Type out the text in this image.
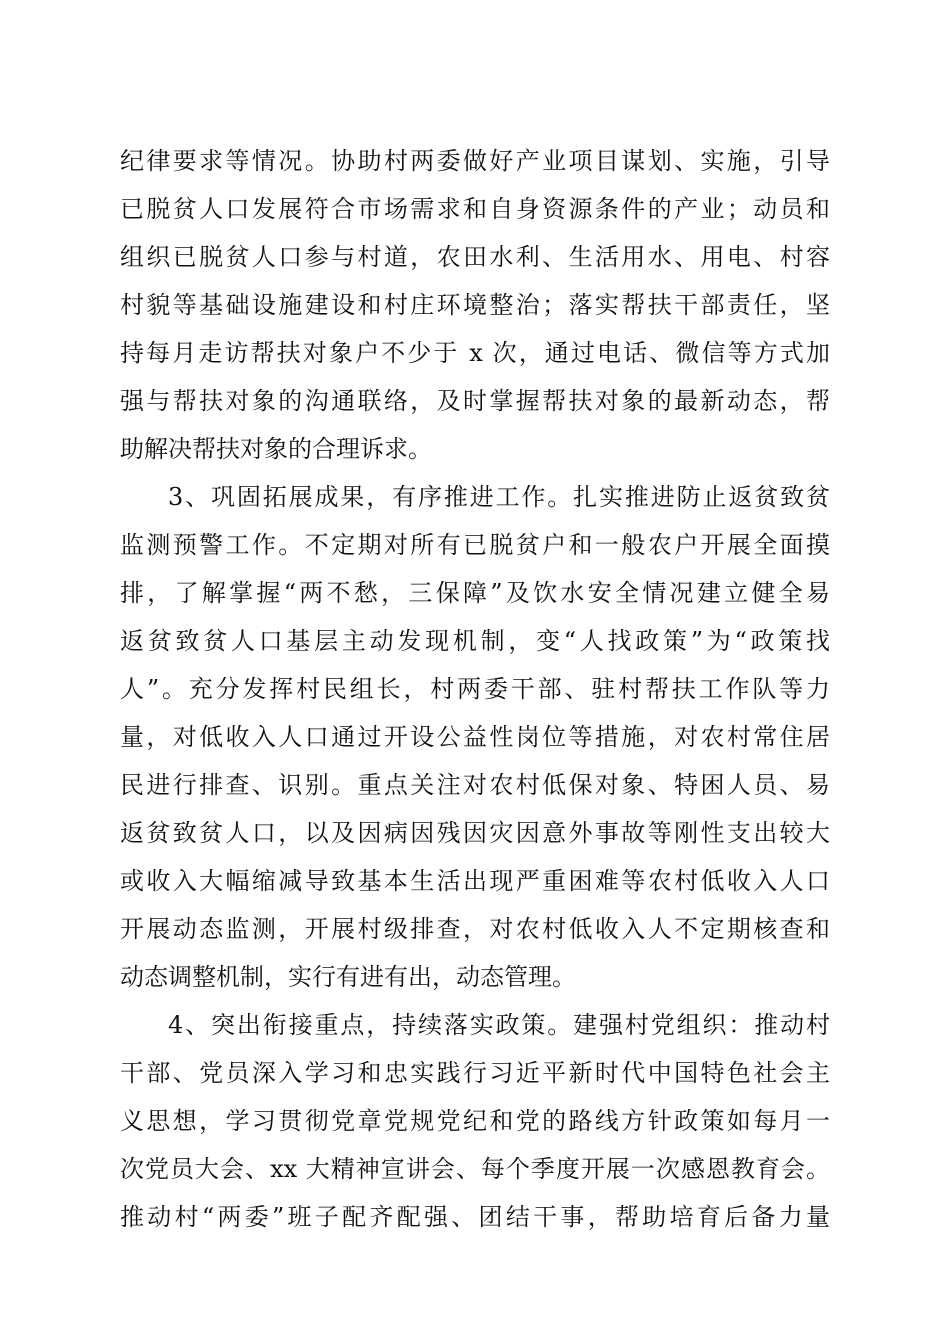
纪律要求等情况。协助村两委做好产业项目谋划、实施，引导
已脱贫人口发展符合市场需求和自身资源条件的产业；动员和
组织已脱贫人口参与村道，农田水利、生活用水、用电、村容
村貌等基础设施建设和村庄环境整治；落实帮扶干部责任，坚
持每月走访帮扶对象户不少于 x 次，通过电话、微信等方式加
强与帮扶对象的沟通联络，及时掌握帮扶对象的最新动态，帮
助解决帮扶对象的合理诉求。
3、巩固拓展成果，有序推进工作。扎实推进防止返贫致贫
监测预警工作。不定期对所有已脱贫户和一般农户开展全面摸
排，了解掌握“两不愁，三保障”及饮水安全情况建立健全易
返贫致贫人口基层主动发现机制，变“人找政策”为“政策找
人”。充分发挥村民组长，村两委干部、驻村帮扶工作队等力
量，对低收入人口通过开设公益性岗位等措施，对农村常住居
民进行排查、识别。重点关注对农村低保对象、特困人员、易
返贫致贫人口，以及因病因残因灾因意外事故等刚性支出较大
或收入大幅缩减导致基本生活出现严重困难等农村低收入人口
开展动态监测，开展村级排查，对农村低收入人不定期核查和
动态调整机制，实行有进有出，动态管理。
4、突出衔接重点，持续落实政策。建强村党组织：推动村
干部、党员深入学习和忠实践行习近平新时代中国特色社会主
义思想，学习贯彻党章党规党纪和党的路线方针政策如每月一
次党员大会、xx 大精神宣讲会、每个季度开展一次感恩教育会。
推动村“两委”班子配齐配强、团结干事，帮助培育后备力量
